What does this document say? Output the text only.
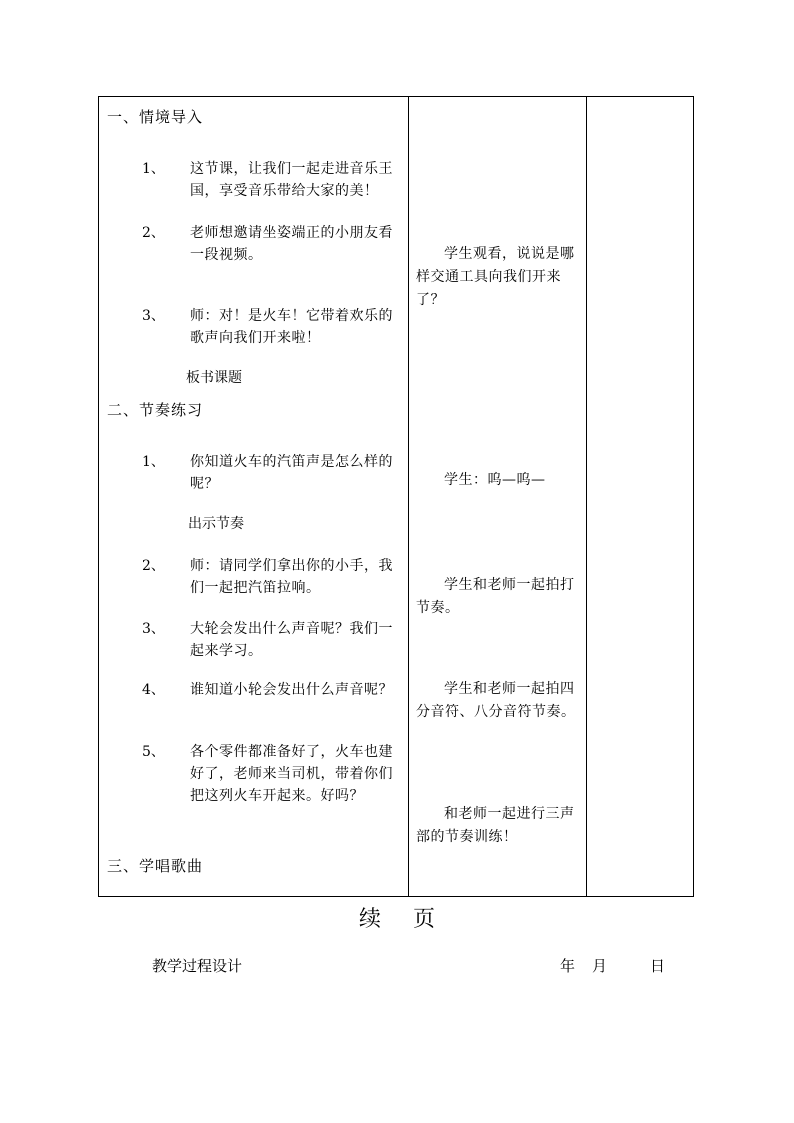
一、情境导入
1、 这节课，让我们一起走进音乐王国，享受音乐带给大家的美！
2、 老师想邀请坐姿端正的小朋友看一段视频。
3、 师：对！是火车！它带着欢乐的歌声向我们开来啦！
板书课题
二、节奏练习
1、 你知道火车的汽笛声是怎么样的呢？
出示节奏
2、 师：请同学们拿出你的小手，我们一起把汽笛拉响。
3、 大轮会发出什么声音呢？我们一起来学习。
4、 谁知道小轮会发出什么声音呢？
5、 各个零件都准备好了，火车也建好了，老师来当司机，带着你们把这列火车开起来。好吗？
三、学唱歌曲
学生观看，说说是哪样交通工具向我们开来了？
学生：呜—呜—
学生和老师一起拍打节奏。
学生和老师一起拍四分音符、八分音符节奏。
和老师一起进行三声部的节奏训练！
续页
教学过程设计	年 月	日
